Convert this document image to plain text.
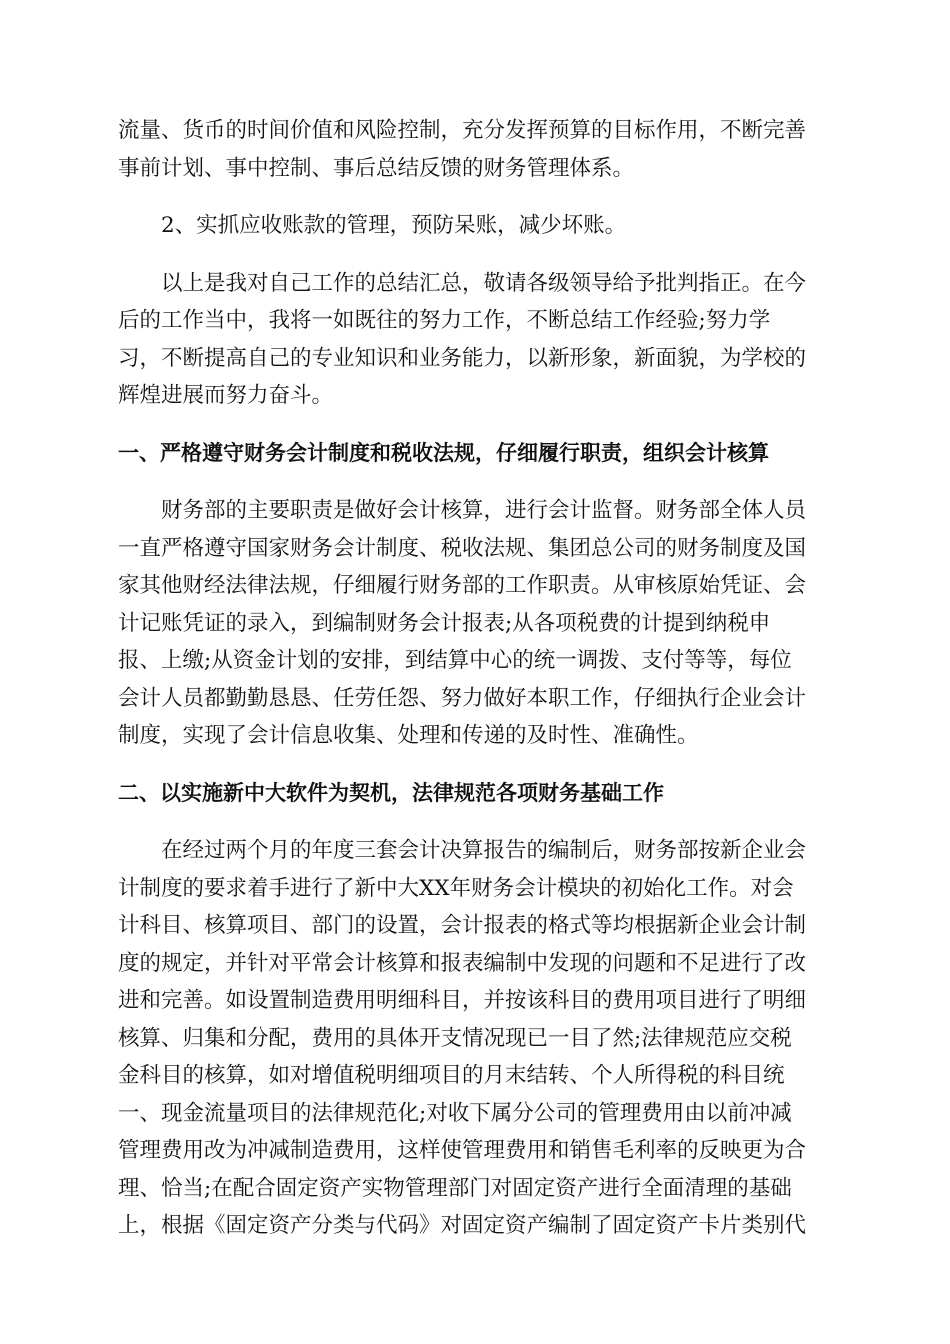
流量、货币的时间价值和风险控制，充分发挥预算的目标作用，不断完善
事前计划、事中控制、事后总结反馈的财务管理体系。
2、实抓应收账款的管理，预防呆账，减少坏账。
以上是我对自己工作的总结汇总，敬请各级领导给予批判指正。在今
后的工作当中，我将一如既往的努力工作，不断总结工作经验;努力学
习，不断提高自己的专业知识和业务能力，以新形象，新面貌，为学校的
辉煌进展而努力奋斗。
一、严格遵守财务会计制度和税收法规，仔细履行职责，组织会计核算
财务部的主要职责是做好会计核算，进行会计监督。财务部全体人员
一直严格遵守国家财务会计制度、税收法规、集团总公司的财务制度及国
家其他财经法律法规，仔细履行财务部的工作职责。从审核原始凭证、会
计记账凭证的录入，到编制财务会计报表;从各项税费的计提到纳税申
报、上缴;从资金计划的安排，到结算中心的统一调拨、支付等等，每位
会计人员都勤勤恳恳、任劳任怨、努力做好本职工作，仔细执行企业会计
制度，实现了会计信息收集、处理和传递的及时性、准确性。
二、以实施新中大软件为契机，法律规范各项财务基础工作
在经过两个月的年度三套会计决算报告的编制后，财务部按新企业会
计制度的要求着手进行了新中大XX年财务会计模块的初始化工作。对会
计科目、核算项目、部门的设置，会计报表的格式等均根据新企业会计制
度的规定，并针对平常会计核算和报表编制中发现的问题和不足进行了改
进和完善。如设置制造费用明细科目，并按该科目的费用项目进行了明细
核算、归集和分配，费用的具体开支情况现已一目了然;法律规范应交税
金科目的核算，如对增值税明细项目的月末结转、个人所得税的科目统
一、现金流量项目的法律规范化;对收下属分公司的管理费用由以前冲减
管理费用改为冲减制造费用，这样使管理费用和销售毛利率的反映更为合
理、恰当;在配合固定资产实物管理部门对固定资产进行全面清理的基础
上，根据《固定资产分类与代码》对固定资产编制了固定资产卡片类别代
